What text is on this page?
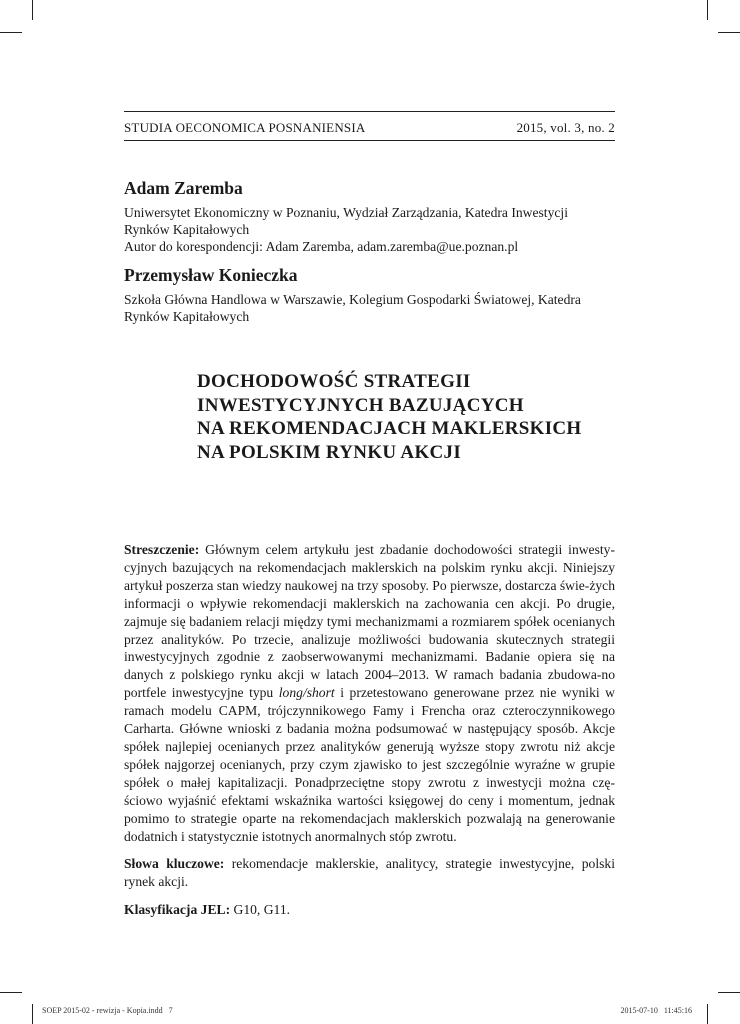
STUDIA OECONOMICA POSNANIENSIA	2015, vol. 3, no. 2
Adam Zaremba
Uniwersytet Ekonomiczny w Poznaniu, Wydział Zarządzania, Katedra Inwestycji
Rynków Kapitałowych
Autor do korespondencji: Adam Zaremba, adam.zaremba@ue.poznan.pl
Przemysław Konieczka
Szkoła Główna Handlowa w Warszawie, Kolegium Gospodarki Światowej, Katedra
Rynków Kapitałowych
DOCHODOWOŚĆ STRATEGII
INWESTYCYJNYCH BAZUJĄCYCH
NA REKOMENDACJACH MAKLERSKICH
NA POLSKIM RYNKU AKCJI

Streszczenie: Głównym celem artykułu jest zbadanie dochodowości strategii inwesty-cyjnych bazujących na rekomendacjach maklerskich na polskim rynku akcji. Niniejszy artykuł poszerza stan wiedzy naukowej na trzy sposoby. Po pierwsze, dostarcza świe-żych informacji o wpływie rekomendacji maklerskich na zachowania cen akcji. Po drugie, zajmuje się badaniem relacji między tymi mechanizmami a rozmiarem spółek ocenianych przez analityków. Po trzecie, analizuje możliwości budowania skutecznych strategii inwestycyjnych zgodnie z zaobserwowanymi mechanizmami. Badanie opiera się na danych z polskiego rynku akcji w latach 2004–2013. W ramach badania zbudowa-no portfele inwestycyjne typu long/short i przetestowano generowane przez nie wyniki w ramach modelu CAPM, trójczynnikowego Famy i Frencha oraz czteroczynnikowego Carharta. Główne wnioski z badania można podsumować w następujący sposób. Akcje spółek najlepiej ocenianych przez analityków generują wyższe stopy zwrotu niż akcje spółek najgorzej ocenianych, przy czym zjawisko to jest szczególnie wyraźne w grupie spółek o małej kapitalizacji. Ponadprzeciętne stopy zwrotu z inwestycji można czę-ściowo wyjaśnić efektami wskaźnika wartości księgowej do ceny i momentum, jednak pomimo to strategie oparte na rekomendacjach maklerskich pozwalają na generowanie dodatnich i statystycznie istotnych anormalnych stóp zwrotu.

Słowa kluczowe: rekomendacje maklerskie, analitycy, strategie inwestycyjne, polski rynek akcji.

Klasyfikacja JEL: G10, G11.

SOEP 2015-02 - rewizja - Kopia.indd   7	2015-07-10   11:45:16
